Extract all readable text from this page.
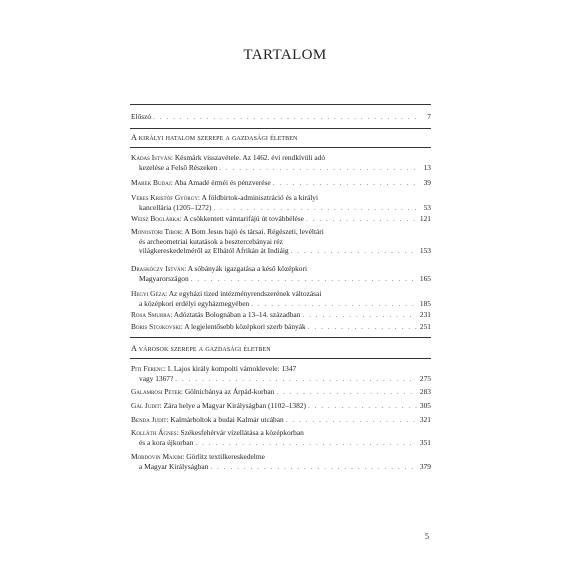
TARTALOM
Előszó . . .	7
A királyi hatalom szerepe a gazdasági életben
Kádas István: Késmárk visszavétele. Az 1462. évi rendkívüli adó
kezelése a Felső Részeken . . .	13
Marek Budaj: Aba Amadé érméi és pénzverése . . .	39
Veres Kristóf György: A földbirtok-adminisztráció és a királyi
kancellária (1205–1272) . . .	53
Weisz Boglárka: A csökkentett vámtarifájú út továbbélése . . .	121
Monostori Tibor: A Bom Jesus hajó és társai. Régészeti, levéltári
és archeometriai kutatások a besztercebányai réz
világkereskedelméről az Elbától Afrikán át Indiáig . . .	153
Draskóczy István: A sóbányák igazgatása a késő középkori
Magyarországon . . .	165
Hegyi Géza: Az egyházi tized intézményrendszerének változásai
a középkori erdélyi egyházmegyében . . .	185
Rosa Smurra: Adóztatás Bolognában a 13–14. században . . .	231
Boris Stojkovski: A legjelentősebb középkori szerb bányák . . .	251
A városok szerepe a gazdasági életben
Piti Ferenc: I. Lajos király kompolti vámoklevele: 1347
vagy 1367? . . .	275
Galambosi Péter: Gölnicbánya az Árpád-korban . . .	283
Gál Judit: Zára helye a Magyar Királyságban (1102–1382) . . .	305
Benda Judit: Kalmárboltok a budai Kalmár utcában . . .	321
Kolláth Ágnes: Székesfehérvár vízellátása a középkorban
és a kora újkorban . . .	351
Mordovin Maxim: Görlitz textilkereskedelme
a Magyar Királyságban . . .	379
5
